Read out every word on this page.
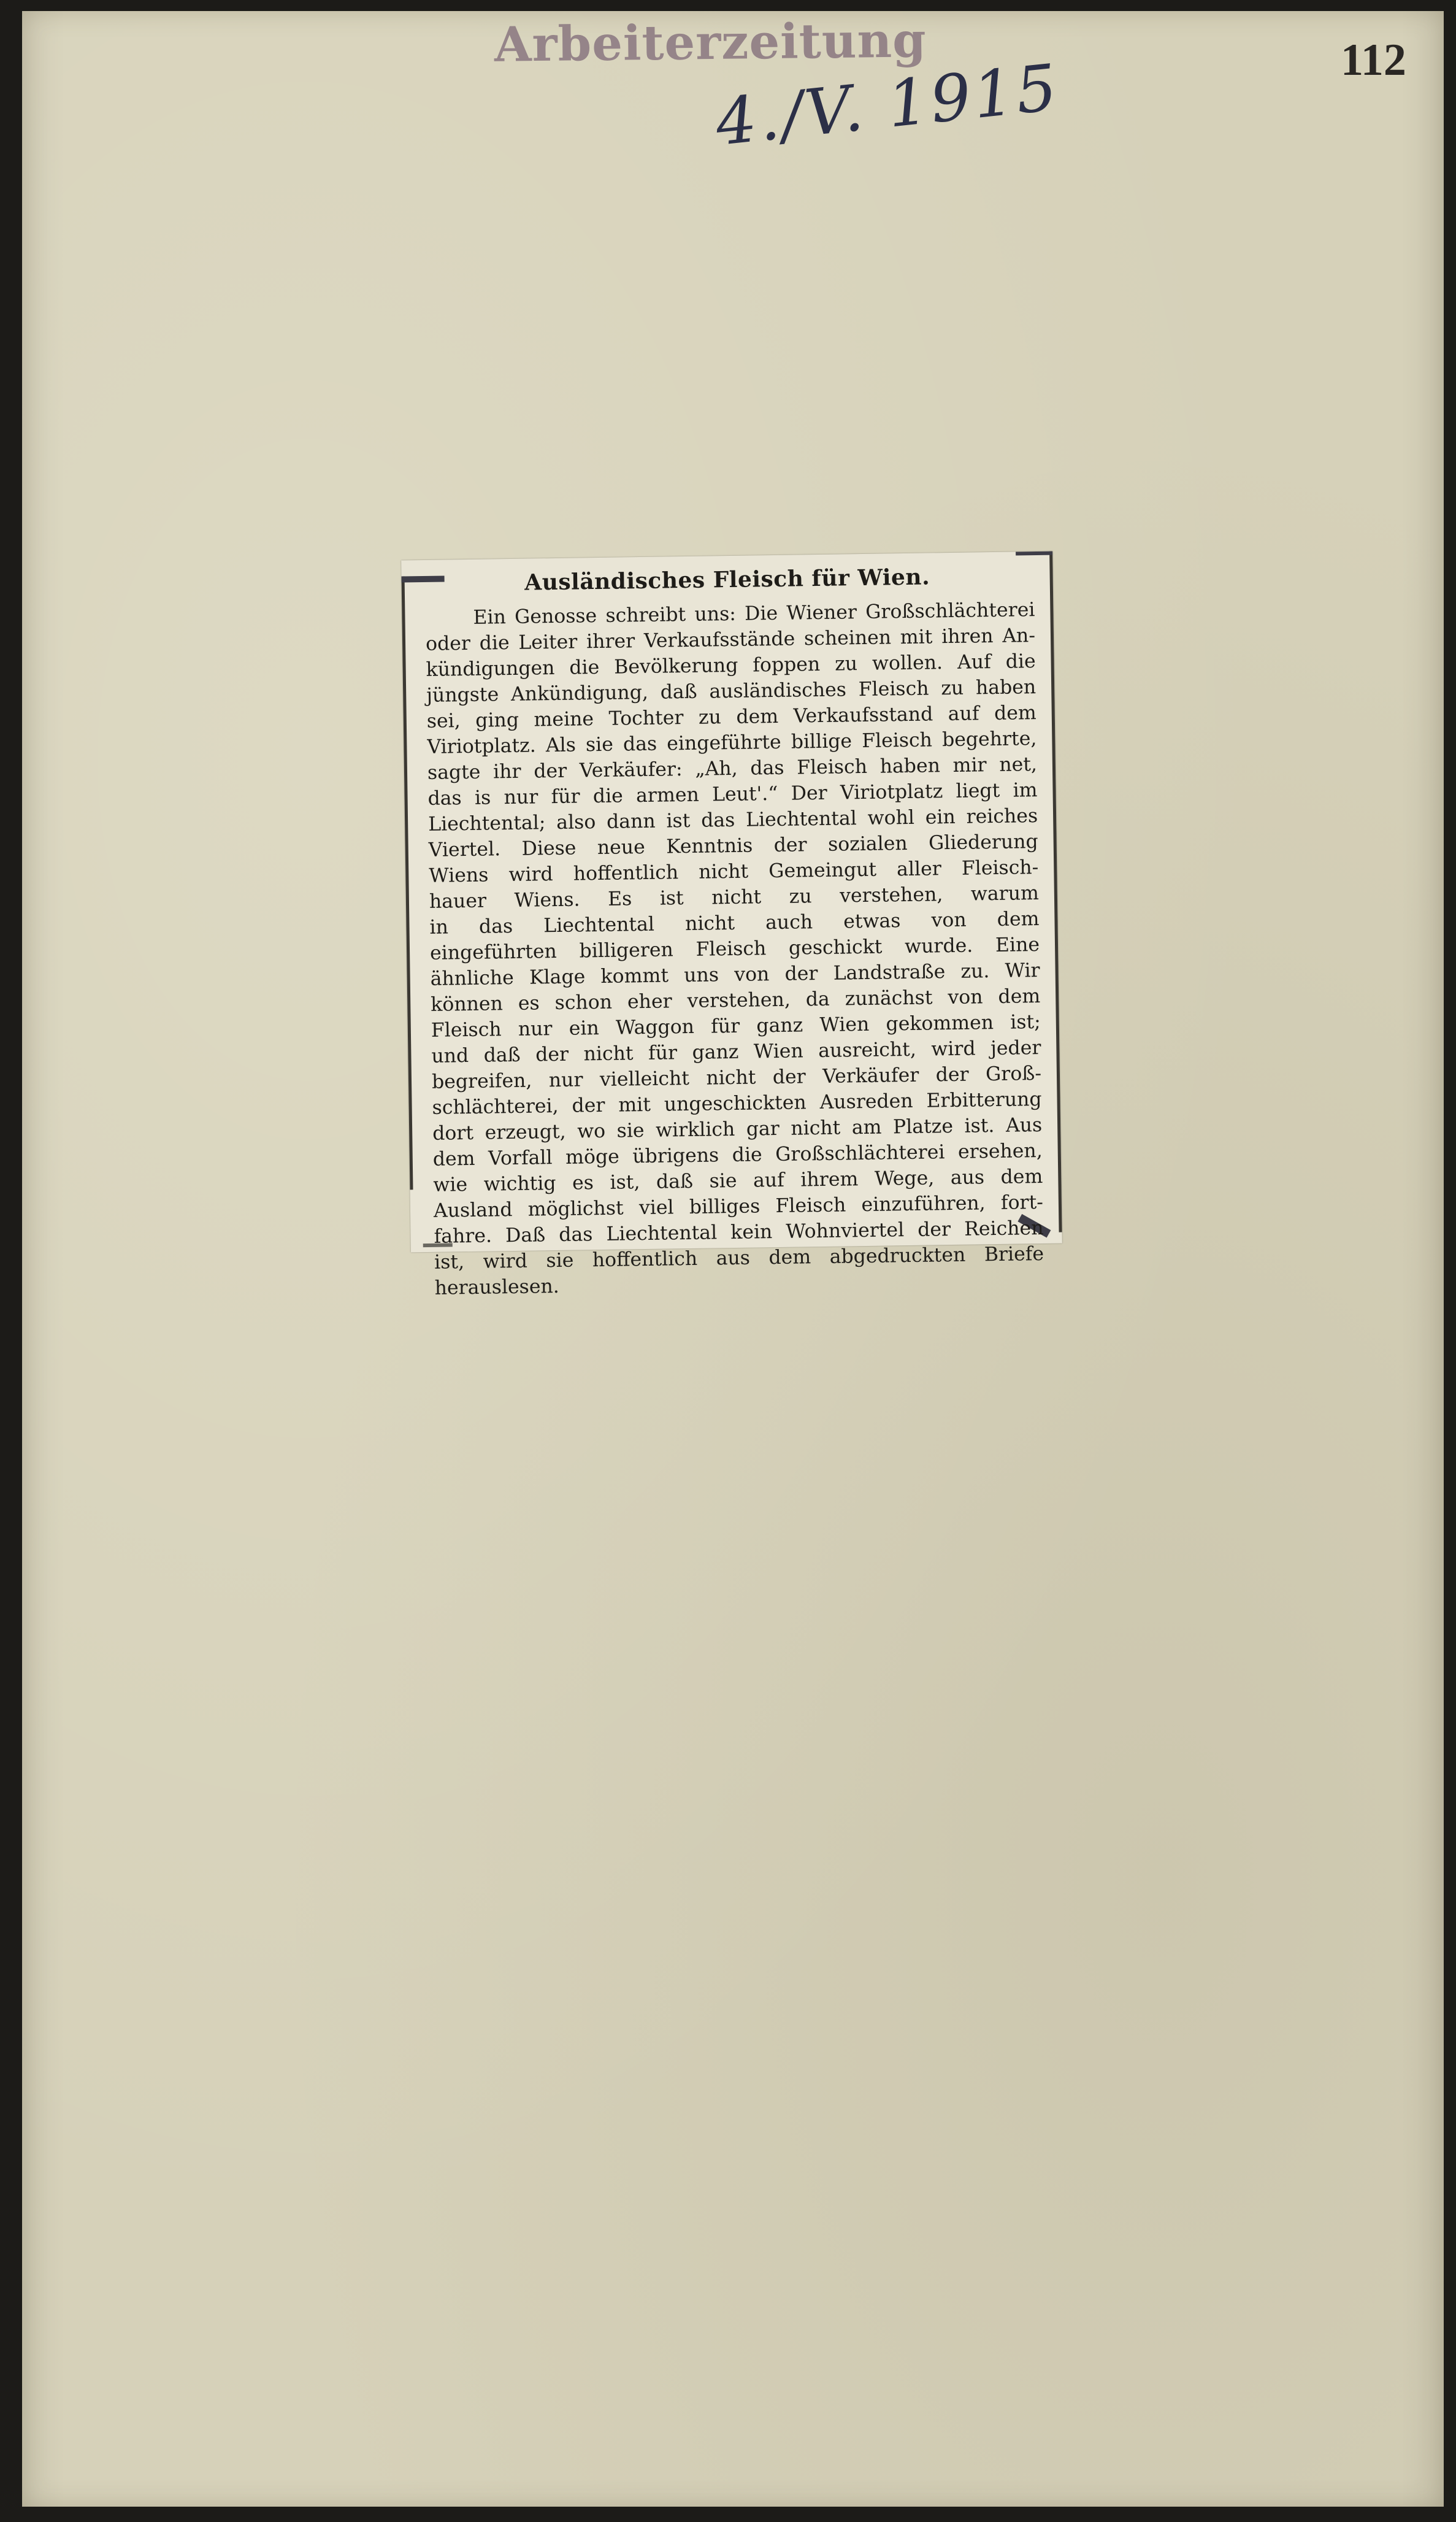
Arbeiterzeitung
4./V. 1915	112
Ausländisches Fleisch für Wien.
Ein Genosse schreibt uns: Die Wiener Großschlächterei
oder die Leiter ihrer Verkaufsstände scheinen mit ihren An-
kündigungen die Bevölkerung foppen zu wollen. Auf die
jüngste Ankündigung, daß ausländisches Fleisch zu haben
sei, ging meine Tochter zu dem Verkaufsstand auf dem
Viriotplatz. Als sie das eingeführte billige Fleisch begehrte,
sagte ihr der Verkäufer: „Ah, das Fleisch haben mir net,
das is nur für die armen Leut'.“ Der Viriotplatz liegt im
Liechtental; also dann ist das Liechtental wohl ein reiches
Viertel. Diese neue Kenntnis der sozialen Gliederung
Wiens wird hoffentlich nicht Gemeingut aller Fleisch-
hauer Wiens. Es ist nicht zu verstehen, warum
in das Liechtental nicht auch etwas von dem
eingeführten billigeren Fleisch geschickt wurde. Eine
ähnliche Klage kommt uns von der Landstraße zu. Wir
können es schon eher verstehen, da zunächst von dem
Fleisch nur ein Waggon für ganz Wien gekommen ist;
und daß der nicht für ganz Wien ausreicht, wird jeder
begreifen, nur vielleicht nicht der Verkäufer der Groß-
schlächterei, der mit ungeschickten Ausreden Erbitterung
dort erzeugt, wo sie wirklich gar nicht am Platze ist. Aus
dem Vorfall möge übrigens die Großschlächterei ersehen,
wie wichtig es ist, daß sie auf ihrem Wege, aus dem
Ausland möglichst viel billiges Fleisch einzuführen, fort-
fahre. Daß das Liechtental kein Wohnviertel der Reichen
ist, wird sie hoffentlich aus dem abgedruckten Briefe
herauslesen.
